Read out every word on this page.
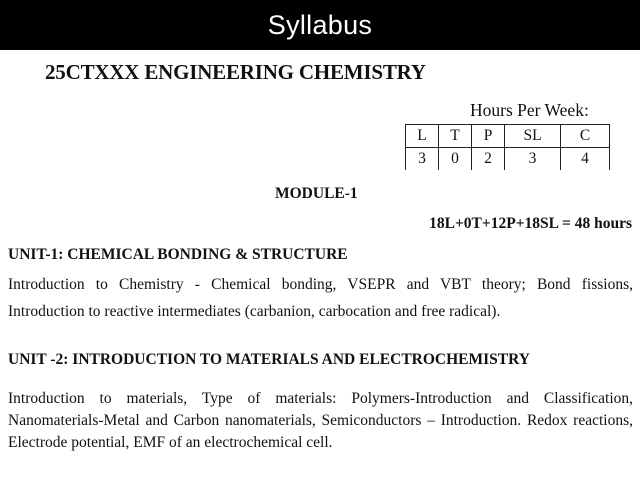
Syllabus
25CTXXX ENGINEERING CHEMISTRY
Hours Per Week:
L	T	P	SL	C
3	0	2	3	4
MODULE-1
18L+0T+12P+18SL = 48 hours
UNIT-1: CHEMICAL BONDING & STRUCTURE
Introduction to Chemistry - Chemical bonding, VSEPR and VBT theory; Bond fissions, Introduction to reactive intermediates (carbanion, carbocation and free radical).
UNIT -2: INTRODUCTION TO MATERIALS AND ELECTROCHEMISTRY
Introduction to materials, Type of materials: Polymers-Introduction and Classification, Nanomaterials-Metal and Carbon nanomaterials, Semiconductors – Introduction. Redox reactions, Electrode potential, EMF of an electrochemical cell.
